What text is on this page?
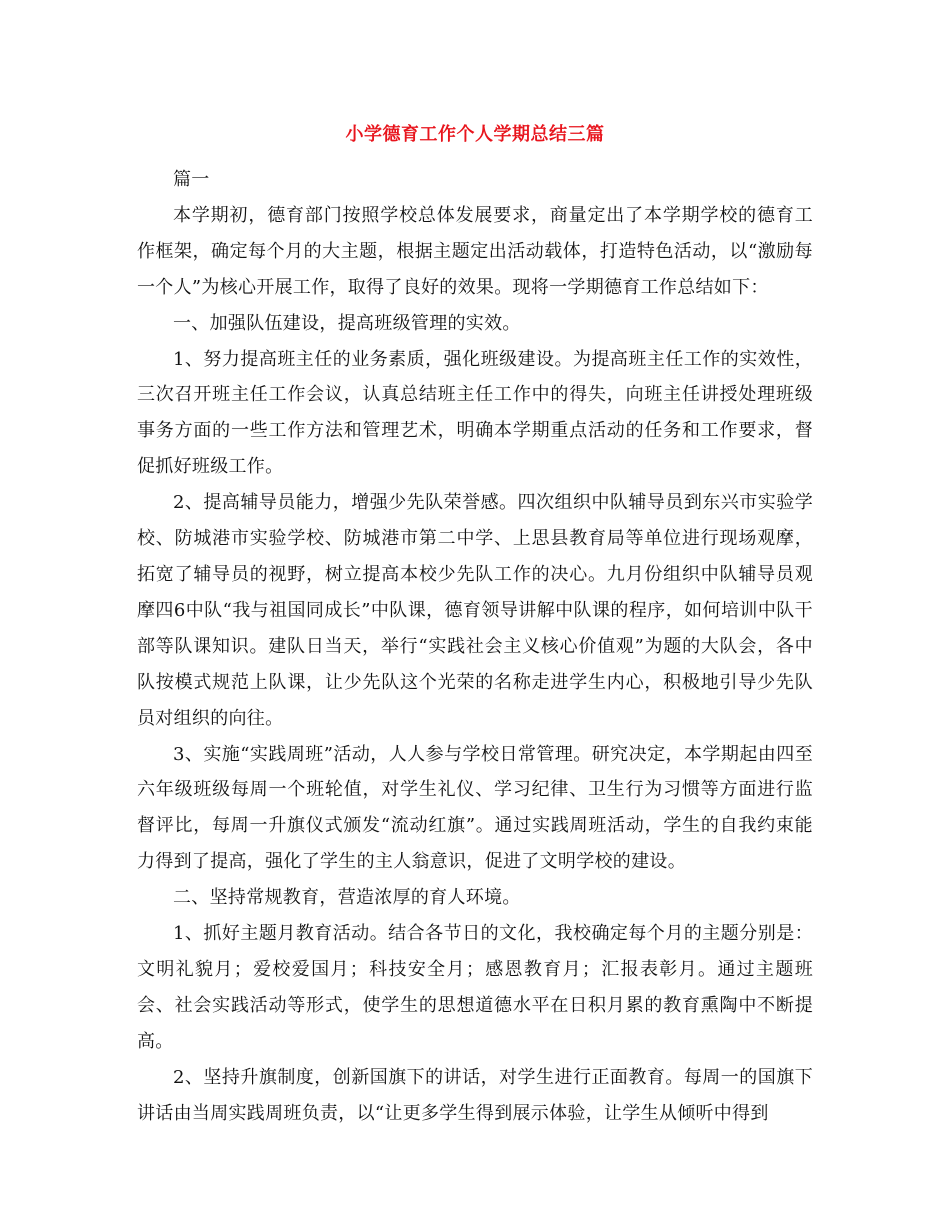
小学德育工作个人学期总结三篇

篇一

本学期初，德育部门按照学校总体发展要求，商量定出了本学期学校的德育工作框架，确定每个月的大主题，根据主题定出活动载体，打造特色活动，以“激励每一个人”为核心开展工作，取得了良好的效果。现将一学期德育工作总结如下：

一、加强队伍建设，提高班级管理的实效。

1、努力提高班主任的业务素质，强化班级建设。为提高班主任工作的实效性，三次召开班主任工作会议，认真总结班主任工作中的得失，向班主任讲授处理班级事务方面的一些工作方法和管理艺术，明确本学期重点活动的任务和工作要求，督促抓好班级工作。

2、提高辅导员能力，增强少先队荣誉感。四次组织中队辅导员到东兴市实验学校、防城港市实验学校、防城港市第二中学、上思县教育局等单位进行现场观摩，拓宽了辅导员的视野，树立提高本校少先队工作的决心。九月份组织中队辅导员观摩四6中队“我与祖国同成长”中队课，德育领导讲解中队课的程序，如何培训中队干部等队课知识。建队日当天，举行“实践社会主义核心价值观”为题的大队会，各中队按模式规范上队课，让少先队这个光荣的名称走进学生内心，积极地引导少先队员对组织的向往。

3、实施“实践周班”活动，人人参与学校日常管理。研究决定，本学期起由四至六年级班级每周一个班轮值，对学生礼仪、学习纪律、卫生行为习惯等方面进行监督评比，每周一升旗仪式颁发“流动红旗”。通过实践周班活动，学生的自我约束能力得到了提高，强化了学生的主人翁意识，促进了文明学校的建设。

二、坚持常规教育，营造浓厚的育人环境。

1、抓好主题月教育活动。结合各节日的文化，我校确定每个月的主题分别是：文明礼貌月；爱校爱国月；科技安全月；感恩教育月；汇报表彰月。通过主题班会、社会实践活动等形式，使学生的思想道德水平在日积月累的教育熏陶中不断提高。

2、坚持升旗制度，创新国旗下的讲话，对学生进行正面教育。每周一的国旗下讲话由当周实践周班负责，以“让更多学生得到展示体验，让学生从倾听中得到
